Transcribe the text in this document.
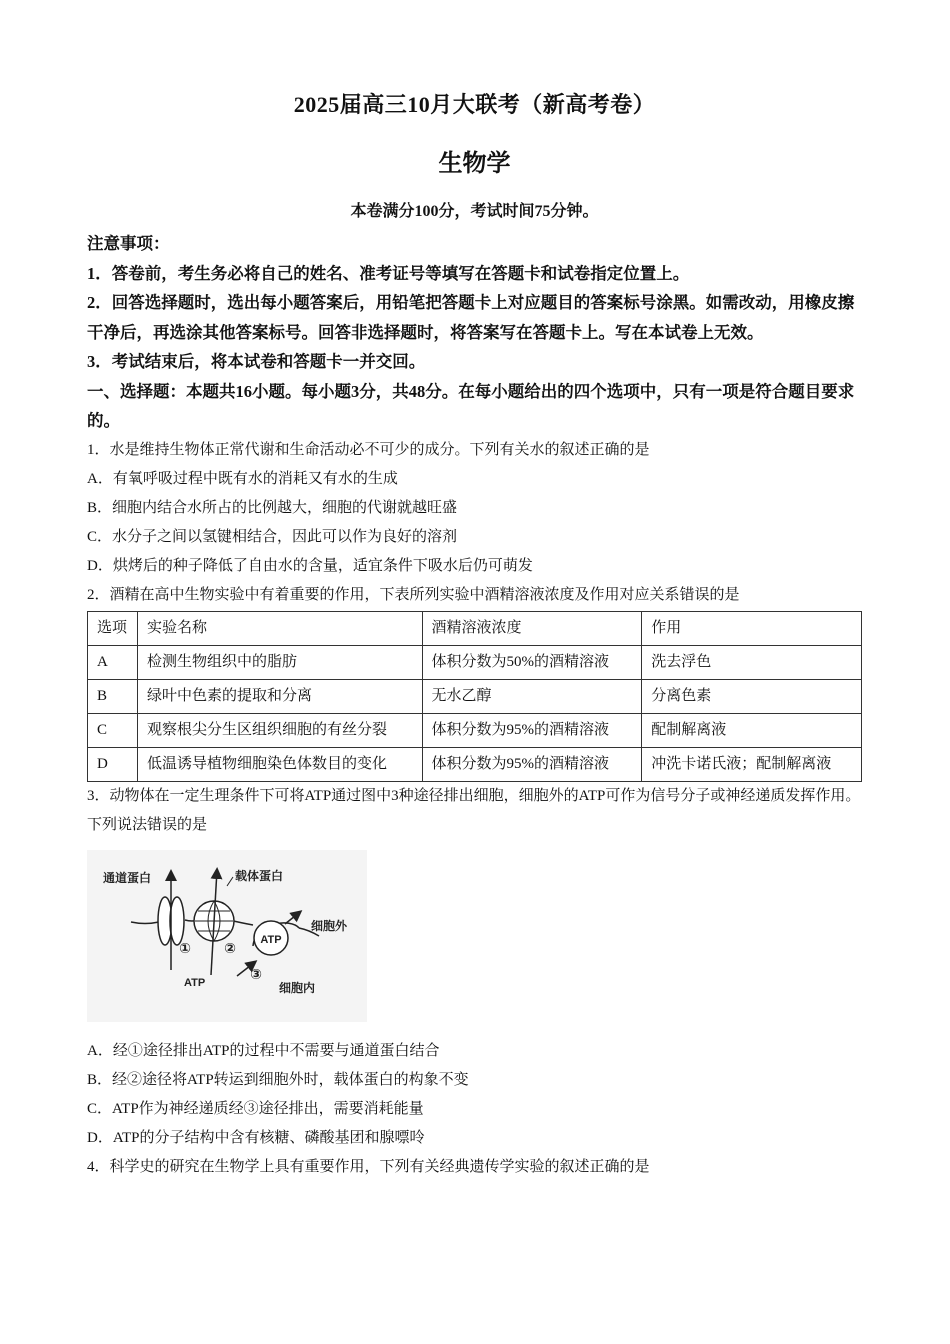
2025届高三10月大联考（新高考卷）
生物学
本卷满分100分，考试时间75分钟。
注意事项：
1．答卷前，考生务必将自己的姓名、准考证号等填写在答题卡和试卷指定位置上。
2．回答选择题时，选出每小题答案后，用铅笔把答题卡上对应题目的答案标号涂黑。如需改动，用橡皮擦干净后，再选涂其他答案标号。回答非选择题时，将答案写在答题卡上。写在本试卷上无效。
3．考试结束后，将本试卷和答题卡一并交回。
一、选择题：本题共16小题。每小题3分，共48分。在每小题给出的四个选项中，只有一项是符合题目要求的。
1．水是维持生物体正常代谢和生命活动必不可少的成分。下列有关水的叙述正确的是
A．有氧呼吸过程中既有水的消耗又有水的生成
B．细胞内结合水所占的比例越大，细胞的代谢就越旺盛
C．水分子之间以氢键相结合，因此可以作为良好的溶剂
D．烘烤后的种子降低了自由水的含量，适宜条件下吸水后仍可萌发
2．酒精在高中生物实验中有着重要的作用，下表所列实验中酒精溶液浓度及作用对应关系错误的是
选项	实验名称	酒精溶液浓度	作用
A	检测生物组织中的脂肪	体积分数为50%的酒精溶液	洗去浮色
B	绿叶中色素的提取和分离	无水乙醇	分离色素
C	观察根尖分生区组织细胞的有丝分裂	体积分数为95%的酒精溶液	配制解离液
D	低温诱导植物细胞染色体数目的变化	体积分数为95%的酒精溶液	冲洗卡诺氏液；配制解离液
3．动物体在一定生理条件下可将ATP通过图中3种途径排出细胞，细胞外的ATP可作为信号分子或神经递质发挥作用。下列说法错误的是
ATP
通道蛋白	载体蛋白
细胞外
细胞内
ATP
① ②
③
A．经①途径排出ATP的过程中不需要与通道蛋白结合
B．经②途径将ATP转运到细胞外时，载体蛋白的构象不变
C．ATP作为神经递质经③途径排出，需要消耗能量
D．ATP的分子结构中含有核糖、磷酸基团和腺嘌呤
4．科学史的研究在生物学上具有重要作用，下列有关经典遗传学实验的叙述正确的是
